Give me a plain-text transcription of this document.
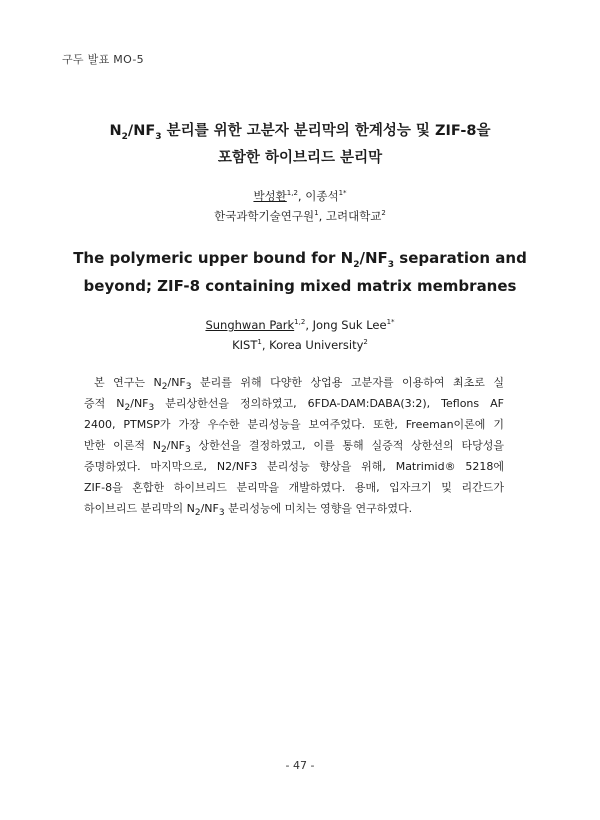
구두 발표 MO-5
$N_2/NF_3$ 분리를 위한 고분자 분리막의 한계성능 및 ZIF-8을
포함한 하이브리드 분리막
박성환$^{1,2}$, 이종석$^{1*}$
한국과학기술연구원$^1$, 고려대학교$^2$
The polymeric upper bound for $N_2/NF_3$ separation and
beyond; ZIF-8 containing mixed matrix membranes
Sunghwan Park$^{1,2}$, Jong Suk Lee$^{1*}$
KIST$^1$, Korea University$^2$
본 연구는 $N_2/NF_3$ 분리를 위해 다양한 상업용 고분자를 이용하여 최초로 실
증적 $N_2/NF_3$ 분리상한선을 정의하였고, 6FDA-DAM:DABA(3:2), Teflons AF
2400, PTMSP가 가장 우수한 분리성능을 보여주었다. 또한, Freeman이론에 기
반한 이론적 $N_2/NF_3$ 상한선을 결정하였고, 이를 통해 실증적 상한선의 타당성을
증명하였다. 마지막으로, N2/NF3 분리성능 향상을 위해, Matrimid® 5218에
ZIF-8을 혼합한 하이브리드 분리막을 개발하였다. 용매, 입자크기 및 리간드가
하이브리드 분리막의 $N_2/NF_3$ 분리성능에 미치는 영향을 연구하였다.
- 47 -
